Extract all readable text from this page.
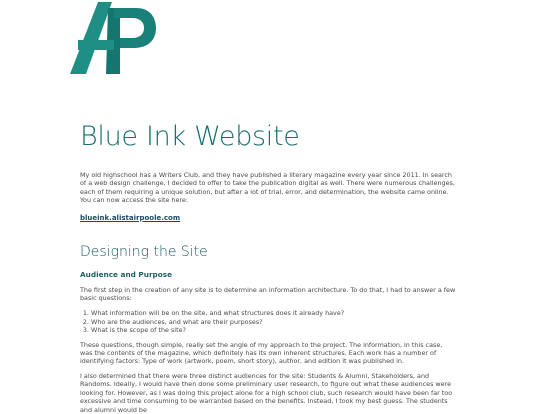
Blue Ink Website

My old highschool has a Writers Club, and they have published a literary magazine every year since 2011. In search of a web design challenge, I decided to offer to take the publication digital as well. There were numerous challenges, each of them requiring a unique solution, but after a lot of trial, error, and determination, the website came online. You can now access the site here:

blueink.alistairpoole.com
Designing the Site
Audience and Purpose

The first step in the creation of any site is to determine an information architecture. To do that, I had to answer a few basic questions:

1. What information will be on the site, and what structures does it already have?
2. Who are the audiences, and what are their purposes?
3. What is the scope of the site?

These questions, though simple, really set the angle of my approach to the project. The information, in this case, was the contents of the magazine, which definitely has its own inherent structures. Each work has a number of identifying factors: Type of work (artwork, poem, short story), author, and edition it was published in.

I also determined that there were three distinct audiences for the site: Students & Alumni, Stakeholders, and Randoms. Ideally, I would have then done some preliminary user research, to figure out what these audiences were looking for. However, as I was doing this project alone for a high school club, such research would have been far too excessive and time consuming to be warranted based on the benefits. Instead, I took my best guess. The students and alumni would be
